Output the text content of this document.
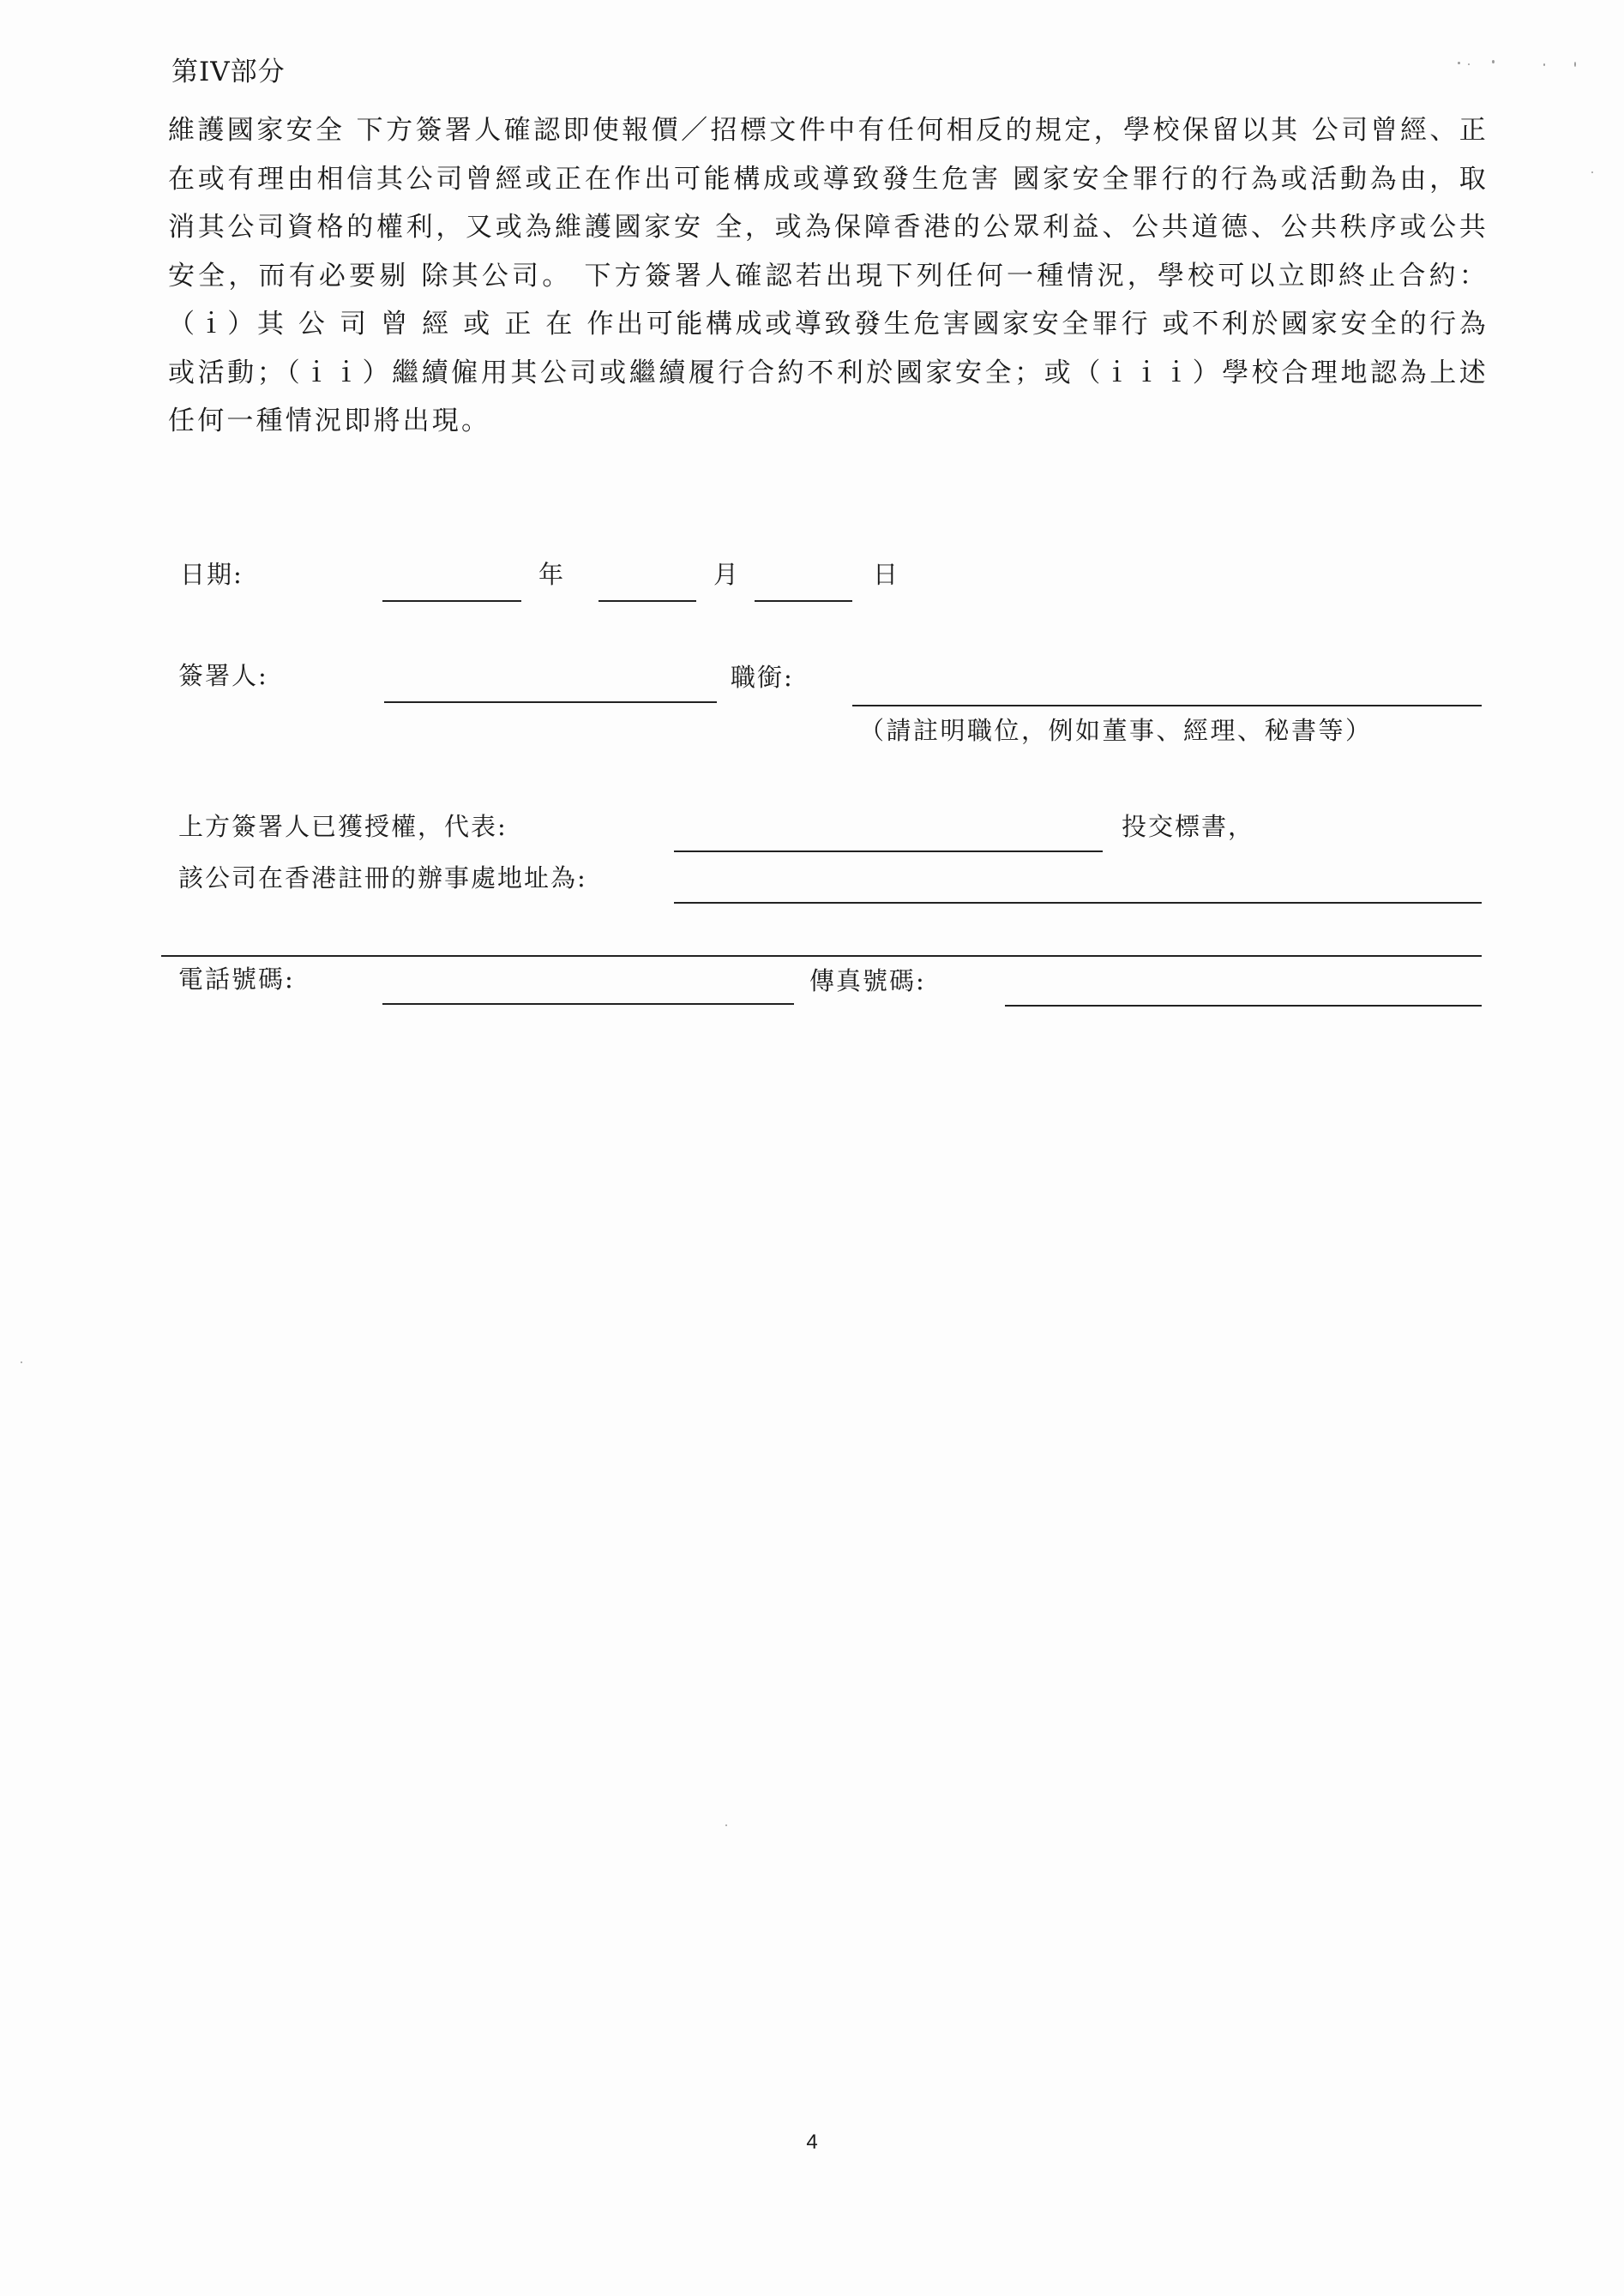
第IV部分

維護國家安全 下方簽署人確認即使報價／招標文件中有任何相反的規定，學校保留以其 公司曾經、正在或有理由相信其公司曾經或正在作出可能構成或導致發生危害 國家安全罪行的行為或活動為由，取消其公司資格的權利，又或為維護國家安 全，或為保障香港的公眾利益、公共道德、公共秩序或公共安全，而有必要剔 除其公司。 下方簽署人確認若出現下列任何一種情況，學校可以立即終止合約：（ｉ）其 公 司 曾 經 或 正 在 作出可能構成或導致發生危害國家安全罪行 或不利於國家安全的行為或活動；（ｉｉ）繼續僱用其公司或繼續履行合約不利於國家安全；或（ｉｉｉ）學校合理地認為上述任何一種情況即將出現。

日期:	年	月	日
簽署人:	職銜:
（請註明職位，例如董事、經理、秘書等）
上方簽署人已獲授權，代表:	投交標書，
該公司在香港註冊的辦事處地址為:
電話號碼:	傳真號碼:
4
